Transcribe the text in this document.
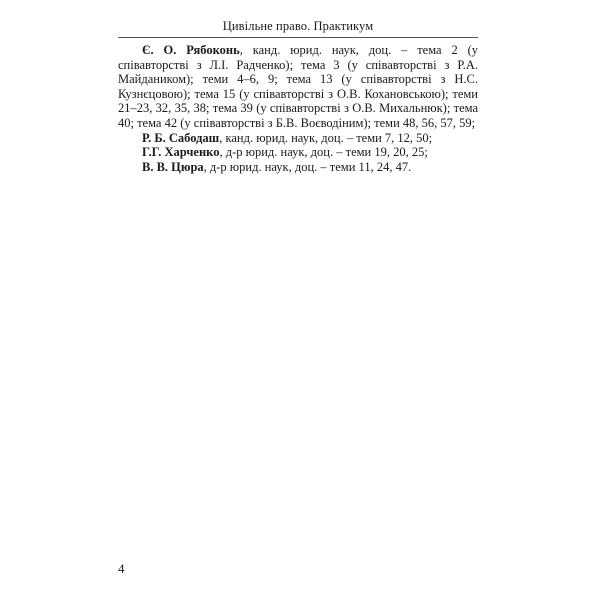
Цивільне право. Практикум

Є. О. Рябоконь, канд. юрид. наук, доц. – тема 2 (у співавторстві з Л.І. Радченко); тема 3 (у співавторстві з Р.А. Майдаником); теми 4–6, 9; тема 13 (у співавторстві з Н.С. Кузнєцовою); тема 15 (у співавторстві з О.В. Кохановською); теми 21–23, 32, 35, 38; тема 39 (у співавторстві з О.В. Михальнюк); тема 40; тема 42 (у співавторстві з Б.В. Воєводіним); теми 48, 56, 57, 59;

Р. Б. Сабодаш, канд. юрид. наук, доц. – теми 7, 12, 50;

Г.Г. Харченко, д-р юрид. наук, доц. – теми 19, 20, 25;

В. В. Цюра, д-р юрид. наук, доц. – теми 11, 24, 47.

4
